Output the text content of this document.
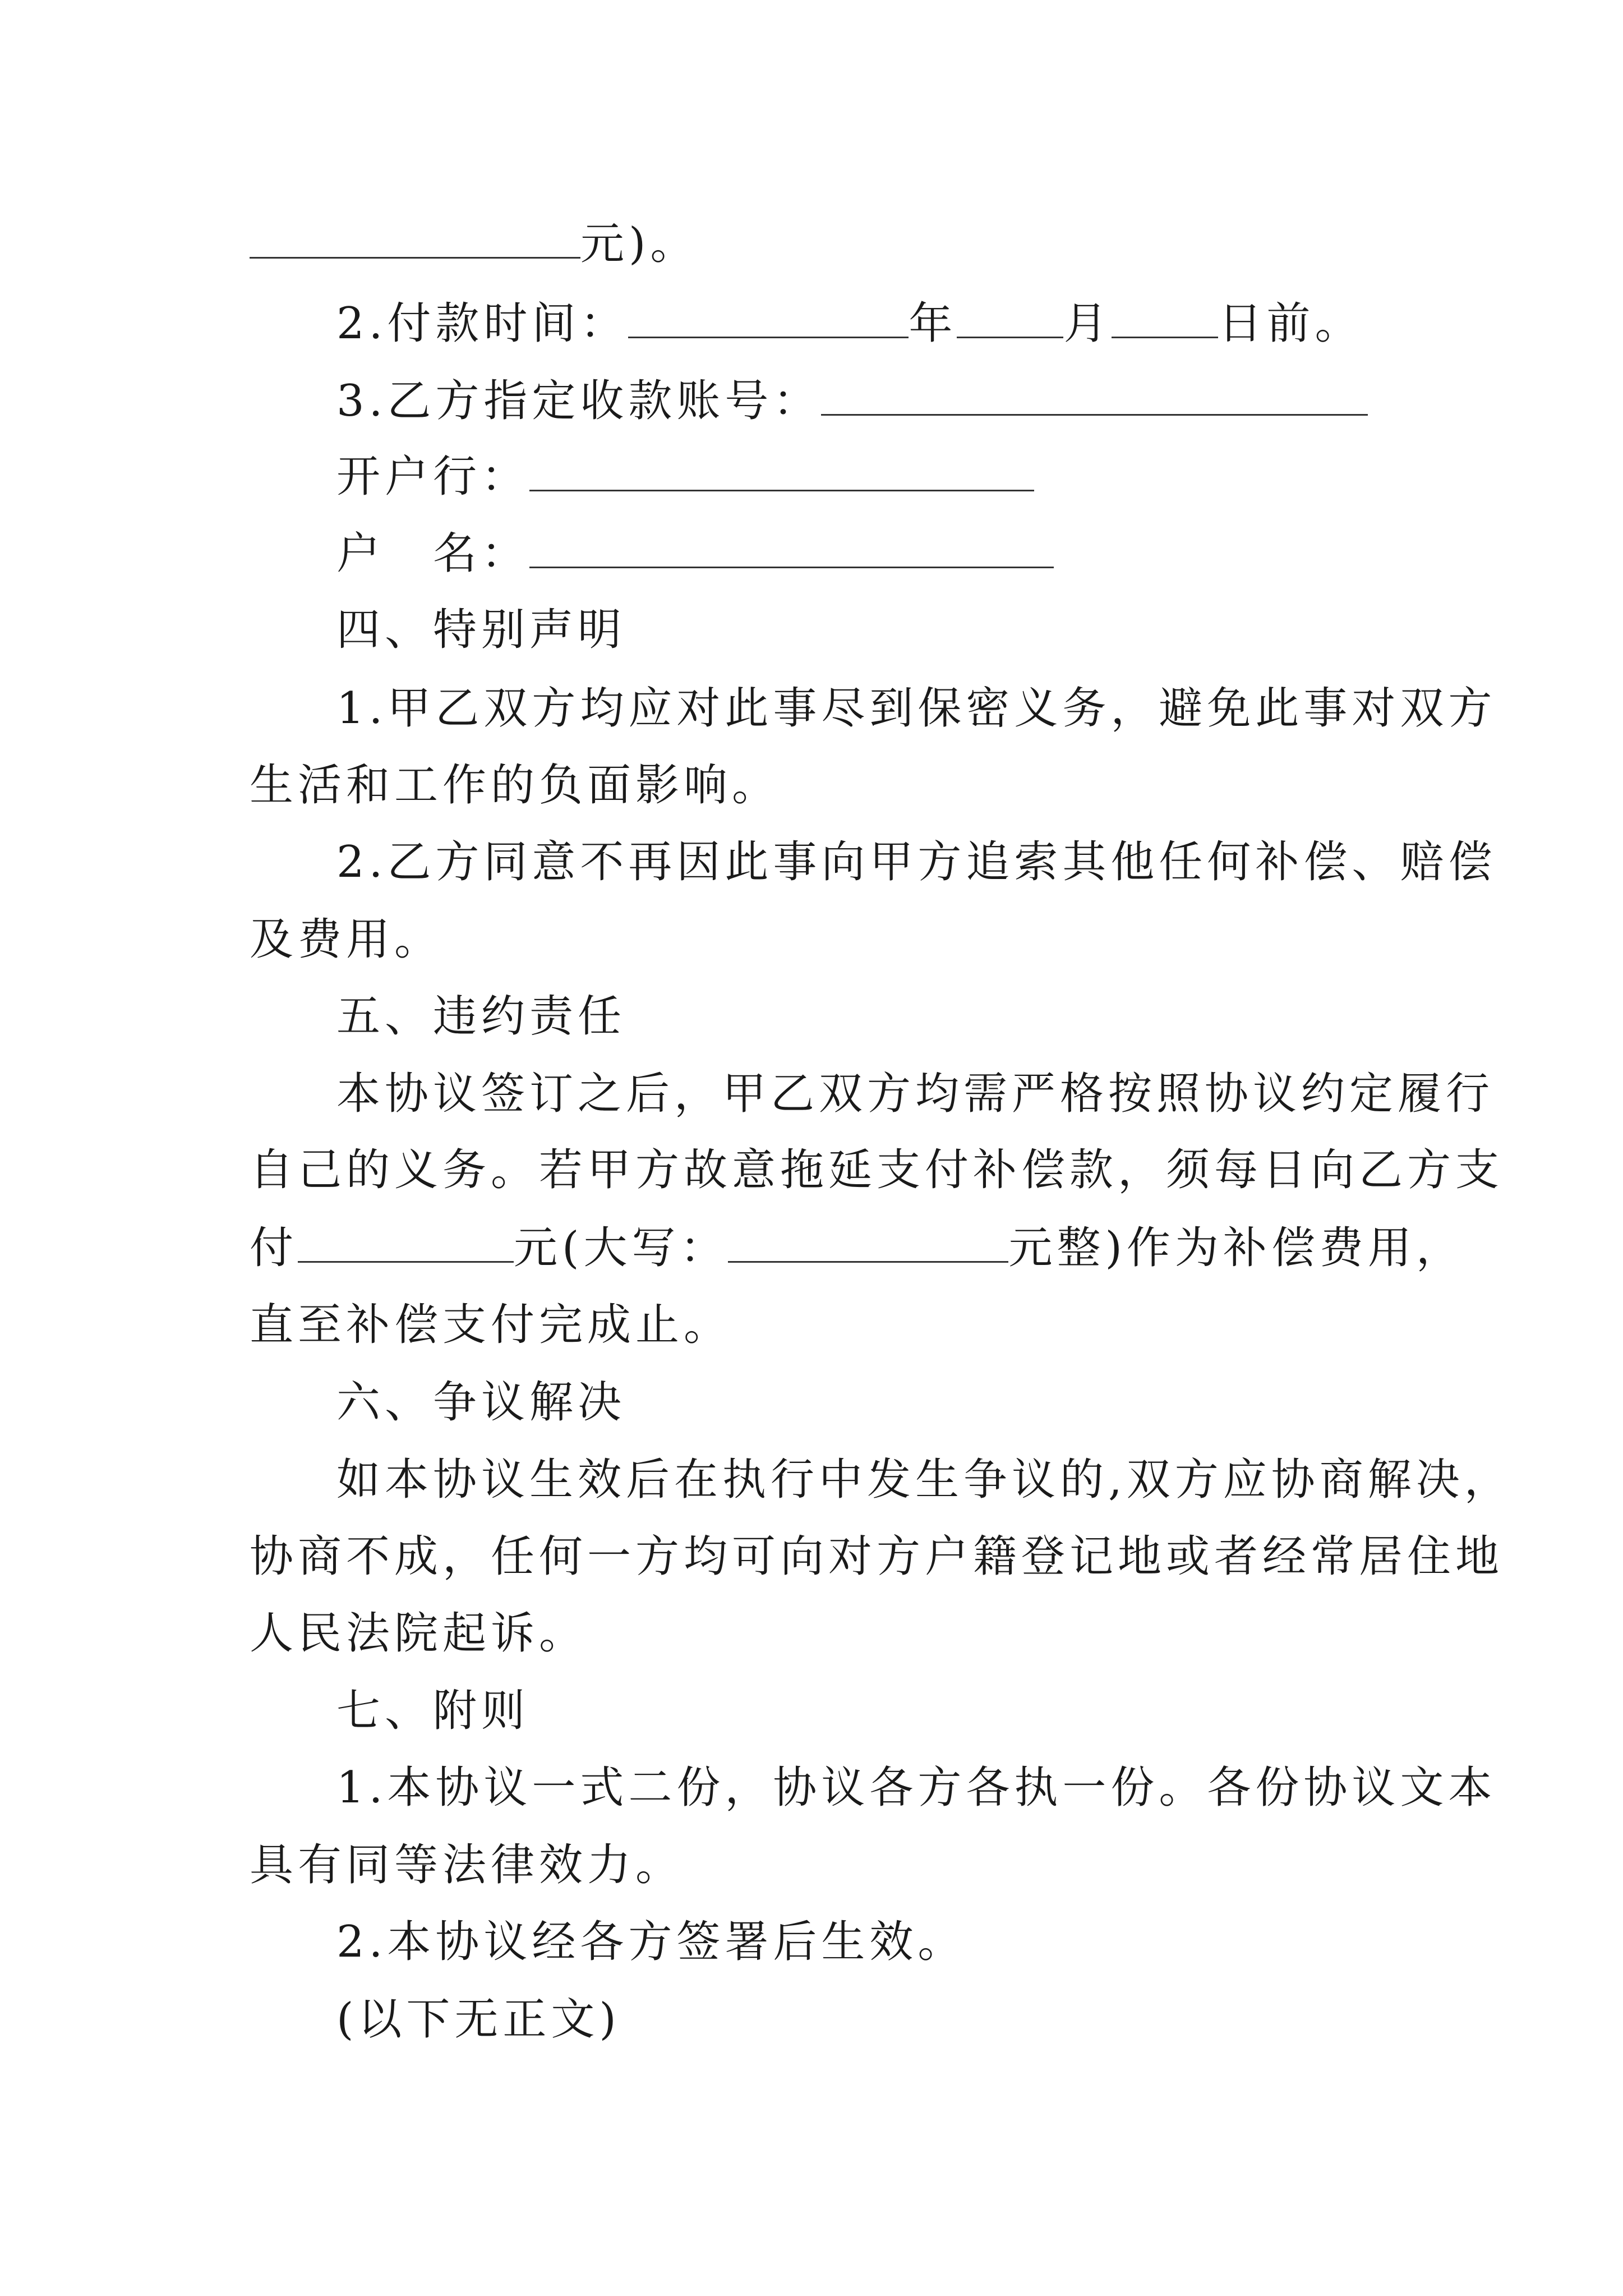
元)。
2.付款时间：	年 月 日前。
3.乙方指定收款账号：
开户行：
户　名：
四、特别声明
1.甲乙双方均应对此事尽到保密义务，避免此事对双方
生活和工作的负面影响。
2.乙方同意不再因此事向甲方追索其他任何补偿、赔偿
及费用。
五、违约责任
本协议签订之后，甲乙双方均需严格按照协议约定履行
自己的义务。若甲方故意拖延支付补偿款，须每日向乙方支
付	元(大写：	元整)作为补偿费用，
直至补偿支付完成止。
六、争议解决
如本协议生效后在执行中发生争议的,双方应协商解决，
协商不成，任何一方均可向对方户籍登记地或者经常居住地
人民法院起诉。
七、附则
1.本协议一式二份，协议各方各执一份。各份协议文本
具有同等法律效力。
2.本协议经各方签署后生效。
(以下无正文)
